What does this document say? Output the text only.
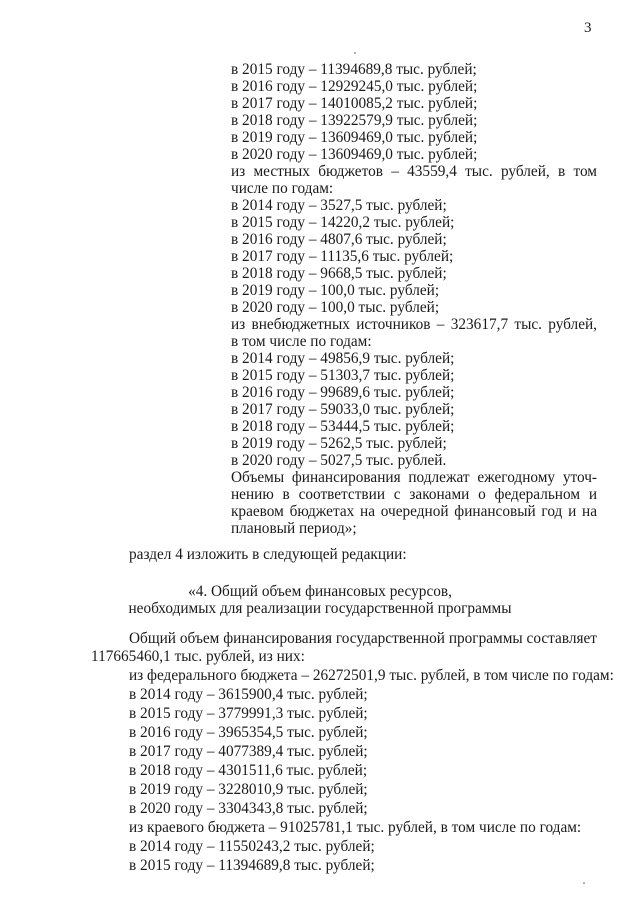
3
в 2015 году – 11394689,8 тыс. рублей;
в 2016 году – 12929245,0 тыс. рублей;
в 2017 году – 14010085,2 тыс. рублей;
в 2018 году – 13922579,9 тыс. рублей;
в 2019 году – 13609469,0 тыс. рублей;
в 2020 году – 13609469,0 тыс. рублей;
из местных бюджетов – 43559,4 тыс. рублей, в том
числе по годам:
в 2014 году – 3527,5 тыс. рублей;
в 2015 году – 14220,2 тыс. рублей;
в 2016 году – 4807,6 тыс. рублей;
в 2017 году – 11135,6 тыс. рублей;
в 2018 году – 9668,5 тыс. рублей;
в 2019 году – 100,0 тыс. рублей;
в 2020 году – 100,0 тыс. рублей;
из внебюджетных источников – 323617,7 тыс. рублей,
в том числе по годам:
в 2014 году – 49856,9 тыс. рублей;
в 2015 году – 51303,7 тыс. рублей;
в 2016 году – 99689,6 тыс. рублей;
в 2017 году – 59033,0 тыс. рублей;
в 2018 году – 53444,5 тыс. рублей;
в 2019 году – 5262,5 тыс. рублей;
в 2020 году – 5027,5 тыс. рублей.
Объемы финансирования подлежат ежегодному уточ-
нению в соответствии с законами о федеральном и
краевом бюджетах на очередной финансовый год и на
плановый период»;
раздел 4 изложить в следующей редакции:
«4. Общий объем финансовых ресурсов,
необходимых для реализации государственной программы
Общий объем финансирования государственной программы составляет
117665460,1 тыс. рублей, из них:
из федерального бюджета – 26272501,9 тыс. рублей, в том числе по годам:
в 2014 году – 3615900,4 тыс. рублей;
в 2015 году – 3779991,3 тыс. рублей;
в 2016 году – 3965354,5 тыс. рублей;
в 2017 году – 4077389,4 тыс. рублей;
в 2018 году – 4301511,6 тыс. рублей;
в 2019 году – 3228010,9 тыс. рублей;
в 2020 году – 3304343,8 тыс. рублей;
из краевого бюджета – 91025781,1 тыс. рублей, в том числе по годам:
в 2014 году – 11550243,2 тыс. рублей;
в 2015 году – 11394689,8 тыс. рублей;
